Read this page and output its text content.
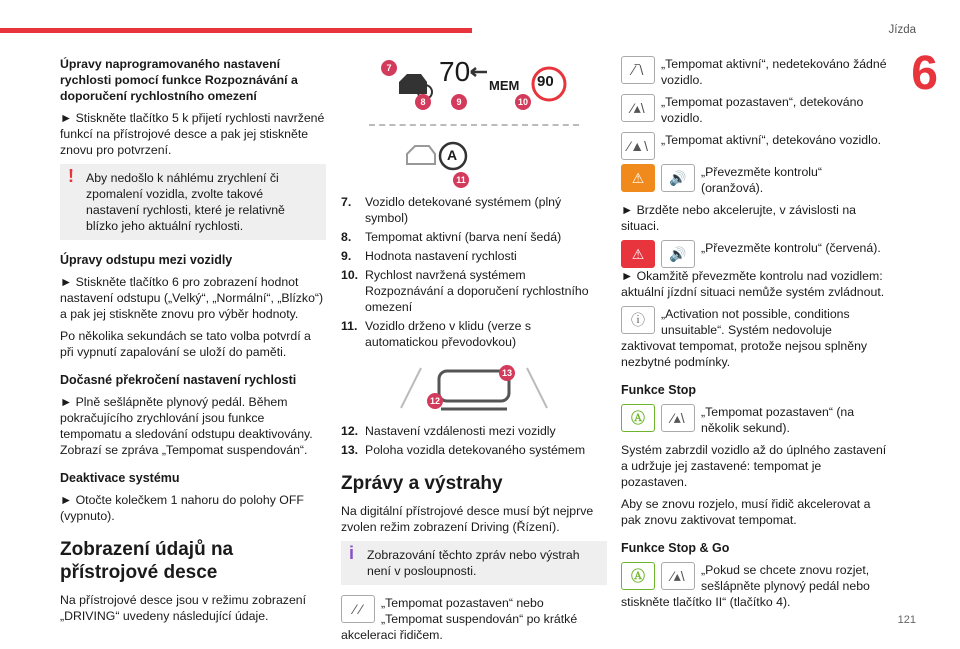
Jízda
6
121

Úpravy naprogramovaného nastavení rychlosti pomocí funkce Rozpoznávání a doporučení rychlostního omezení

► Stiskněte tlačítko 5 k přijetí rychlosti navržené funkcí na přístrojové desce a pak jej stiskněte znovu pro potvrzení.

! Aby nedošlo k náhlému zrychlení či zpomalení vozidla, zvolte takové nastavení rychlosti, které je relativně blízko jeho aktuální rychlosti.

Úpravy odstupu mezi vozidly

► Stiskněte tlačítko 6 pro zobrazení hodnot nastavení odstupu („Velký“, „Normální“, „Blízko“) a pak jej stiskněte znovu pro výběr hodnoty.

Po několika sekundách se tato volba potvrdí a při vypnutí zapalování se uloží do paměti.

Dočasné překročení nastavení rychlosti

► Plně sešlápněte plynový pedál. Během pokračujícího zrychlování jsou funkce tempomatu a sledování odstupu deaktivovány. Zobrazí se zpráva „Tempomat suspendován“.

Deaktivace systému

► Otočte kolečkem 1 nahoru do polohy OFF (vypnuto).

Zobrazení údajů na přístrojové desce

Na přístrojové desce jsou v režimu zobrazení „DRIVING“ uvedeny následující údaje.

70 MEM 90
7
8	9	10
A
11
7.	Vozidlo detekované systémem (plný symbol)
8.	Tempomat aktivní (barva není šedá)
9.	Hodnota nastavení rychlosti
10. Rychlost navržená systémem Rozpoznávání a doporučení rychlostního omezení
11. Vozidlo drženo v klidu (verze s automatickou převodovkou)
13
12
12. Nastavení vzdálenosti mezi vozidly
13. Poloha vozidla detekovaného systémem

Zprávy a výstrahy

Na digitální přístrojové desce musí být nejprve zvolen režim zobrazení Driving (Řízení).

i Zobrazování těchto zpráv nebo výstrah není v posloupnosti.

⁄ ⁄	„Tempomat pozastaven“ nebo „Tempomat suspendován“ po krátké akceleraci řidičem.

⁄‾\	„Tempomat aktivní“, nedetekováno žádné vozidlo.

⁄▴\	„Tempomat pozastaven“, detekováno vozidlo.

⁄▲\	„Tempomat aktivní“, detekováno vozidlo.

⚠	🔊	„Převezměte kontrolu“ (oranžová).

► Brzděte nebo akcelerujte, v závislosti na situaci.

⚠	🔊	„Převezměte kontrolu“ (červená).

► Okamžitě převezměte kontrolu nad vozidlem: aktuální jízdní situaci nemůže systém zvládnout.

ⓘ	„Activation not possible, conditions unsuitable“. Systém nedovoluje zaktivovat tempomat, protože nejsou splněny nezbytné podmínky.

Funkce Stop

Ⓐ	⁄▴\	„Tempomat pozastaven“ (na několik sekund).

Systém zabrzdil vozidlo až do úplného zastavení a udržuje jej zastavené: tempomat je pozastaven.

Aby se znovu rozjelo, musí řidič akcelerovat a pak znovu zaktivovat tempomat.

Funkce Stop & Go

Ⓐ	⁄▴\	„Pokud se chcete znovu rozjet, sešlápněte plynový pedál nebo stiskněte tlačítko II“ (tlačítko 4).
